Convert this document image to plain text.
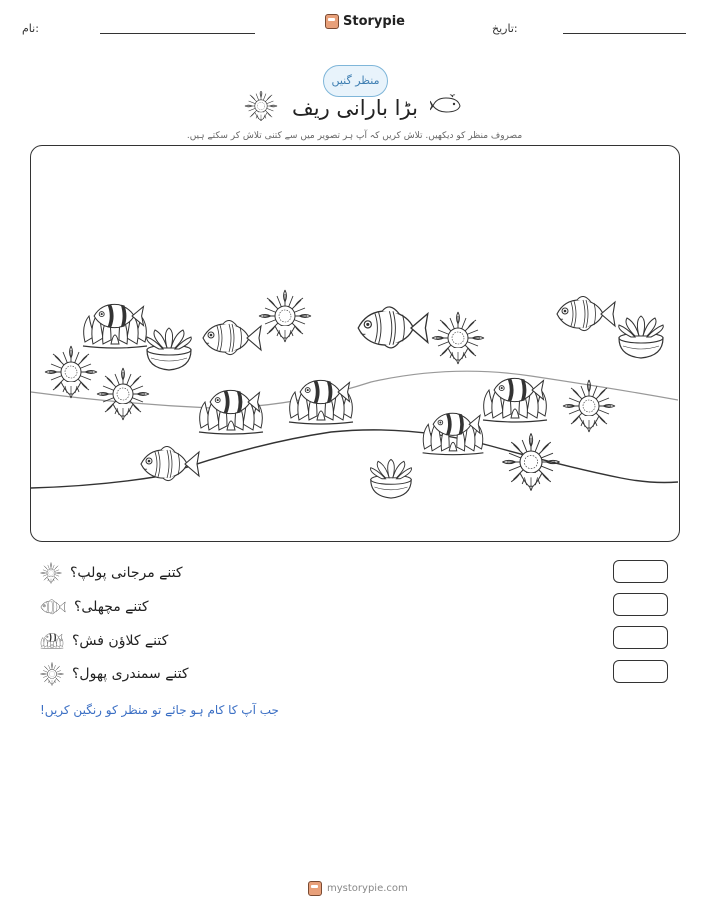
نام:	Storypie	تاریخ:
منظر گنیں
بڑا بارانی ریف
مصروف منظر کو دیکھیں. تلاش کریں کہ آپ ہر تصویر میں سے کتنی تلاش کر سکتے ہیں.
کتنے مرجانی پولپ؟
کتنے مچھلی؟
کتنے کلاؤن فش؟
کتنے سمندری پھول؟
جب آپ کا کام ہو جائے تو منظر کو رنگین کریں!
mystorypie.com
